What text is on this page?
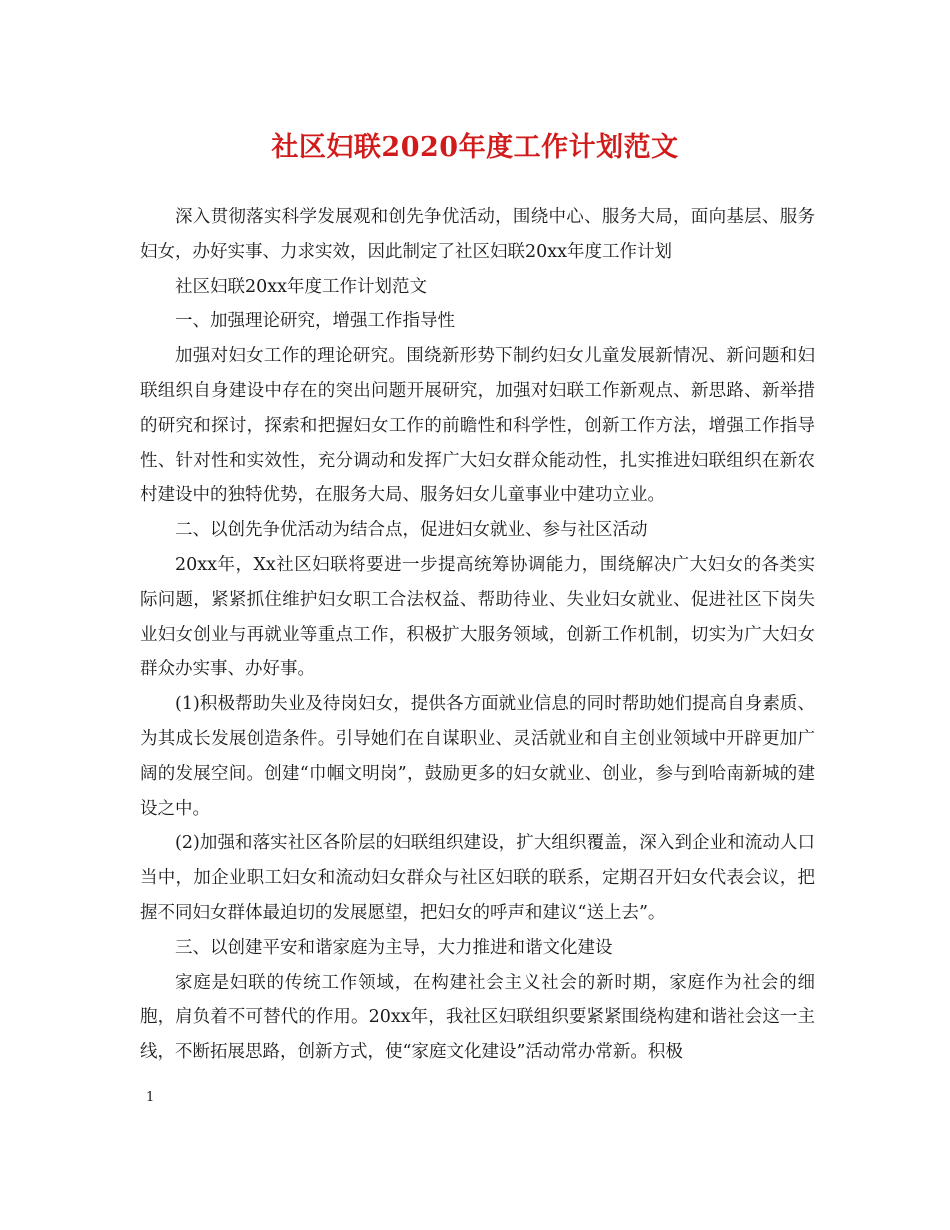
社区妇联2020年度工作计划范文

深入贯彻落实科学发展观和创先争优活动，围绕中心、服务大局，面向基层、服务妇女，办好实事、力求实效，因此制定了社区妇联20xx年度工作计划

社区妇联20xx年度工作计划范文

一、加强理论研究，增强工作指导性

加强对妇女工作的理论研究。围绕新形势下制约妇女儿童发展新情况、新问题和妇联组织自身建设中存在的突出问题开展研究，加强对妇联工作新观点、新思路、新举措的研究和探讨，探索和把握妇女工作的前瞻性和科学性，创新工作方法，增强工作指导性、针对性和实效性，充分调动和发挥广大妇女群众能动性，扎实推进妇联组织在新农村建设中的独特优势，在服务大局、服务妇女儿童事业中建功立业。

二、以创先争优活动为结合点，促进妇女就业、参与社区活动

20xx年，Xx社区妇联将要进一步提高统筹协调能力，围绕解决广大妇女的各类实际问题，紧紧抓住维护妇女职工合法权益、帮助待业、失业妇女就业、促进社区下岗失业妇女创业与再就业等重点工作，积极扩大服务领域，创新工作机制，切实为广大妇女群众办实事、办好事。

(1)积极帮助失业及待岗妇女，提供各方面就业信息的同时帮助她们提高自身素质、为其成长发展创造条件。引导她们在自谋职业、灵活就业和自主创业领域中开辟更加广阔的发展空间。创建“巾帼文明岗”，鼓励更多的妇女就业、创业，参与到哈南新城的建设之中。

(2)加强和落实社区各阶层的妇联组织建设，扩大组织覆盖，深入到企业和流动人口当中，加企业职工妇女和流动妇女群众与社区妇联的联系，定期召开妇女代表会议，把握不同妇女群体最迫切的发展愿望，把妇女的呼声和建议“送上去”。

三、以创建平安和谐家庭为主导，大力推进和谐文化建设

家庭是妇联的传统工作领域，在构建社会主义社会的新时期，家庭作为社会的细胞，肩负着不可替代的作用。20xx年，我社区妇联组织要紧紧围绕构建和谐社会这一主线，不断拓展思路，创新方式，使“家庭文化建设”活动常办常新。积极

1
